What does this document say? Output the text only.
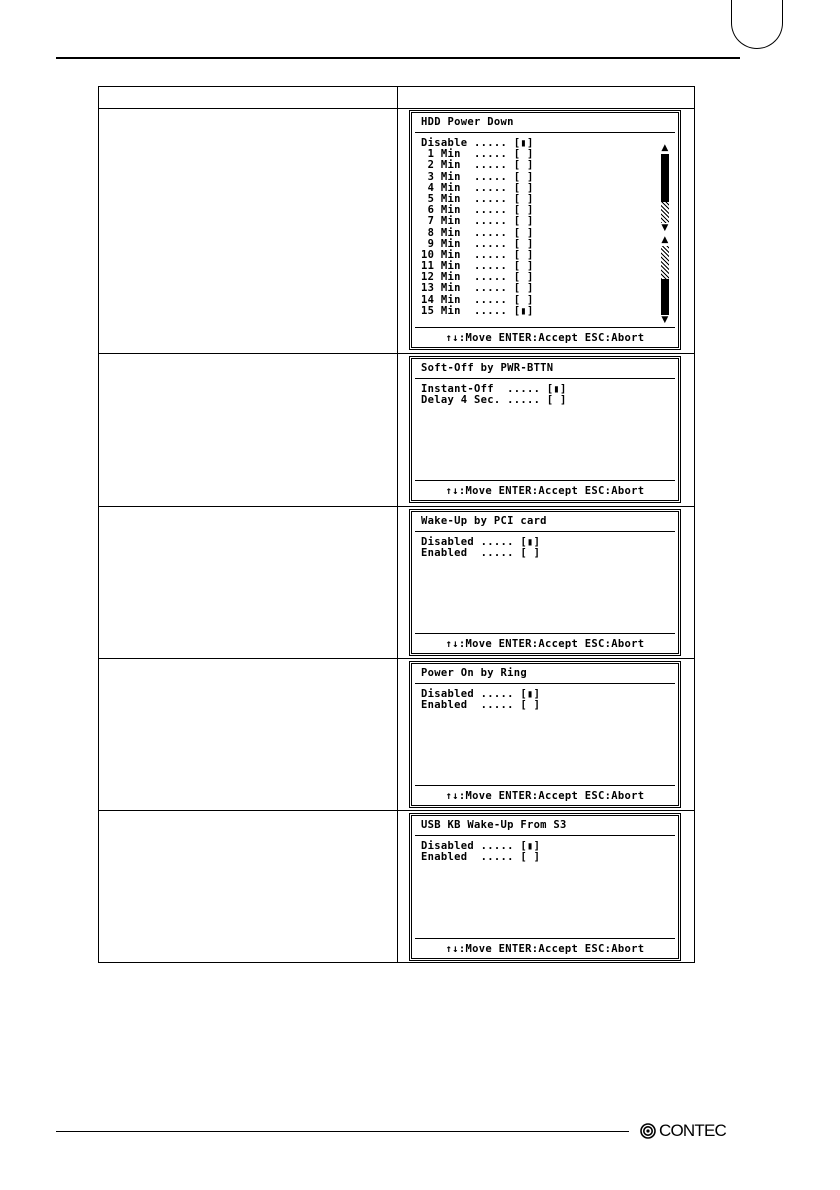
HDD Power Down
Disable ..... [▮]
1 Min  ..... [ ]
2 Min  ..... [ ]
3 Min  ..... [ ]
4 Min  ..... [ ]
5 Min  ..... [ ]
6 Min  ..... [ ]
7 Min  ..... [ ]
8 Min  ..... [ ]
9 Min  ..... [ ]
10 Min  ..... [ ]
11 Min  ..... [ ]
12 Min  ..... [ ]
13 Min  ..... [ ]
14 Min  ..... [ ]
15 Min  ..... [▮]
▲
▼
▲
▼
↑↓:Move ENTER:Accept ESC:Abort
Soft-Off by PWR-BTTN
Instant-Off  ..... [▮]
Delay 4 Sec. ..... [ ]
↑↓:Move ENTER:Accept ESC:Abort
Wake-Up by PCI card
Disabled ..... [▮]
Enabled  ..... [ ]
↑↓:Move ENTER:Accept ESC:Abort
Power On by Ring
Disabled ..... [▮]
Enabled  ..... [ ]
↑↓:Move ENTER:Accept ESC:Abort
USB KB Wake-Up From S3
Disabled ..... [▮]
Enabled  ..... [ ]
↑↓:Move ENTER:Accept ESC:Abort
CONTEC
